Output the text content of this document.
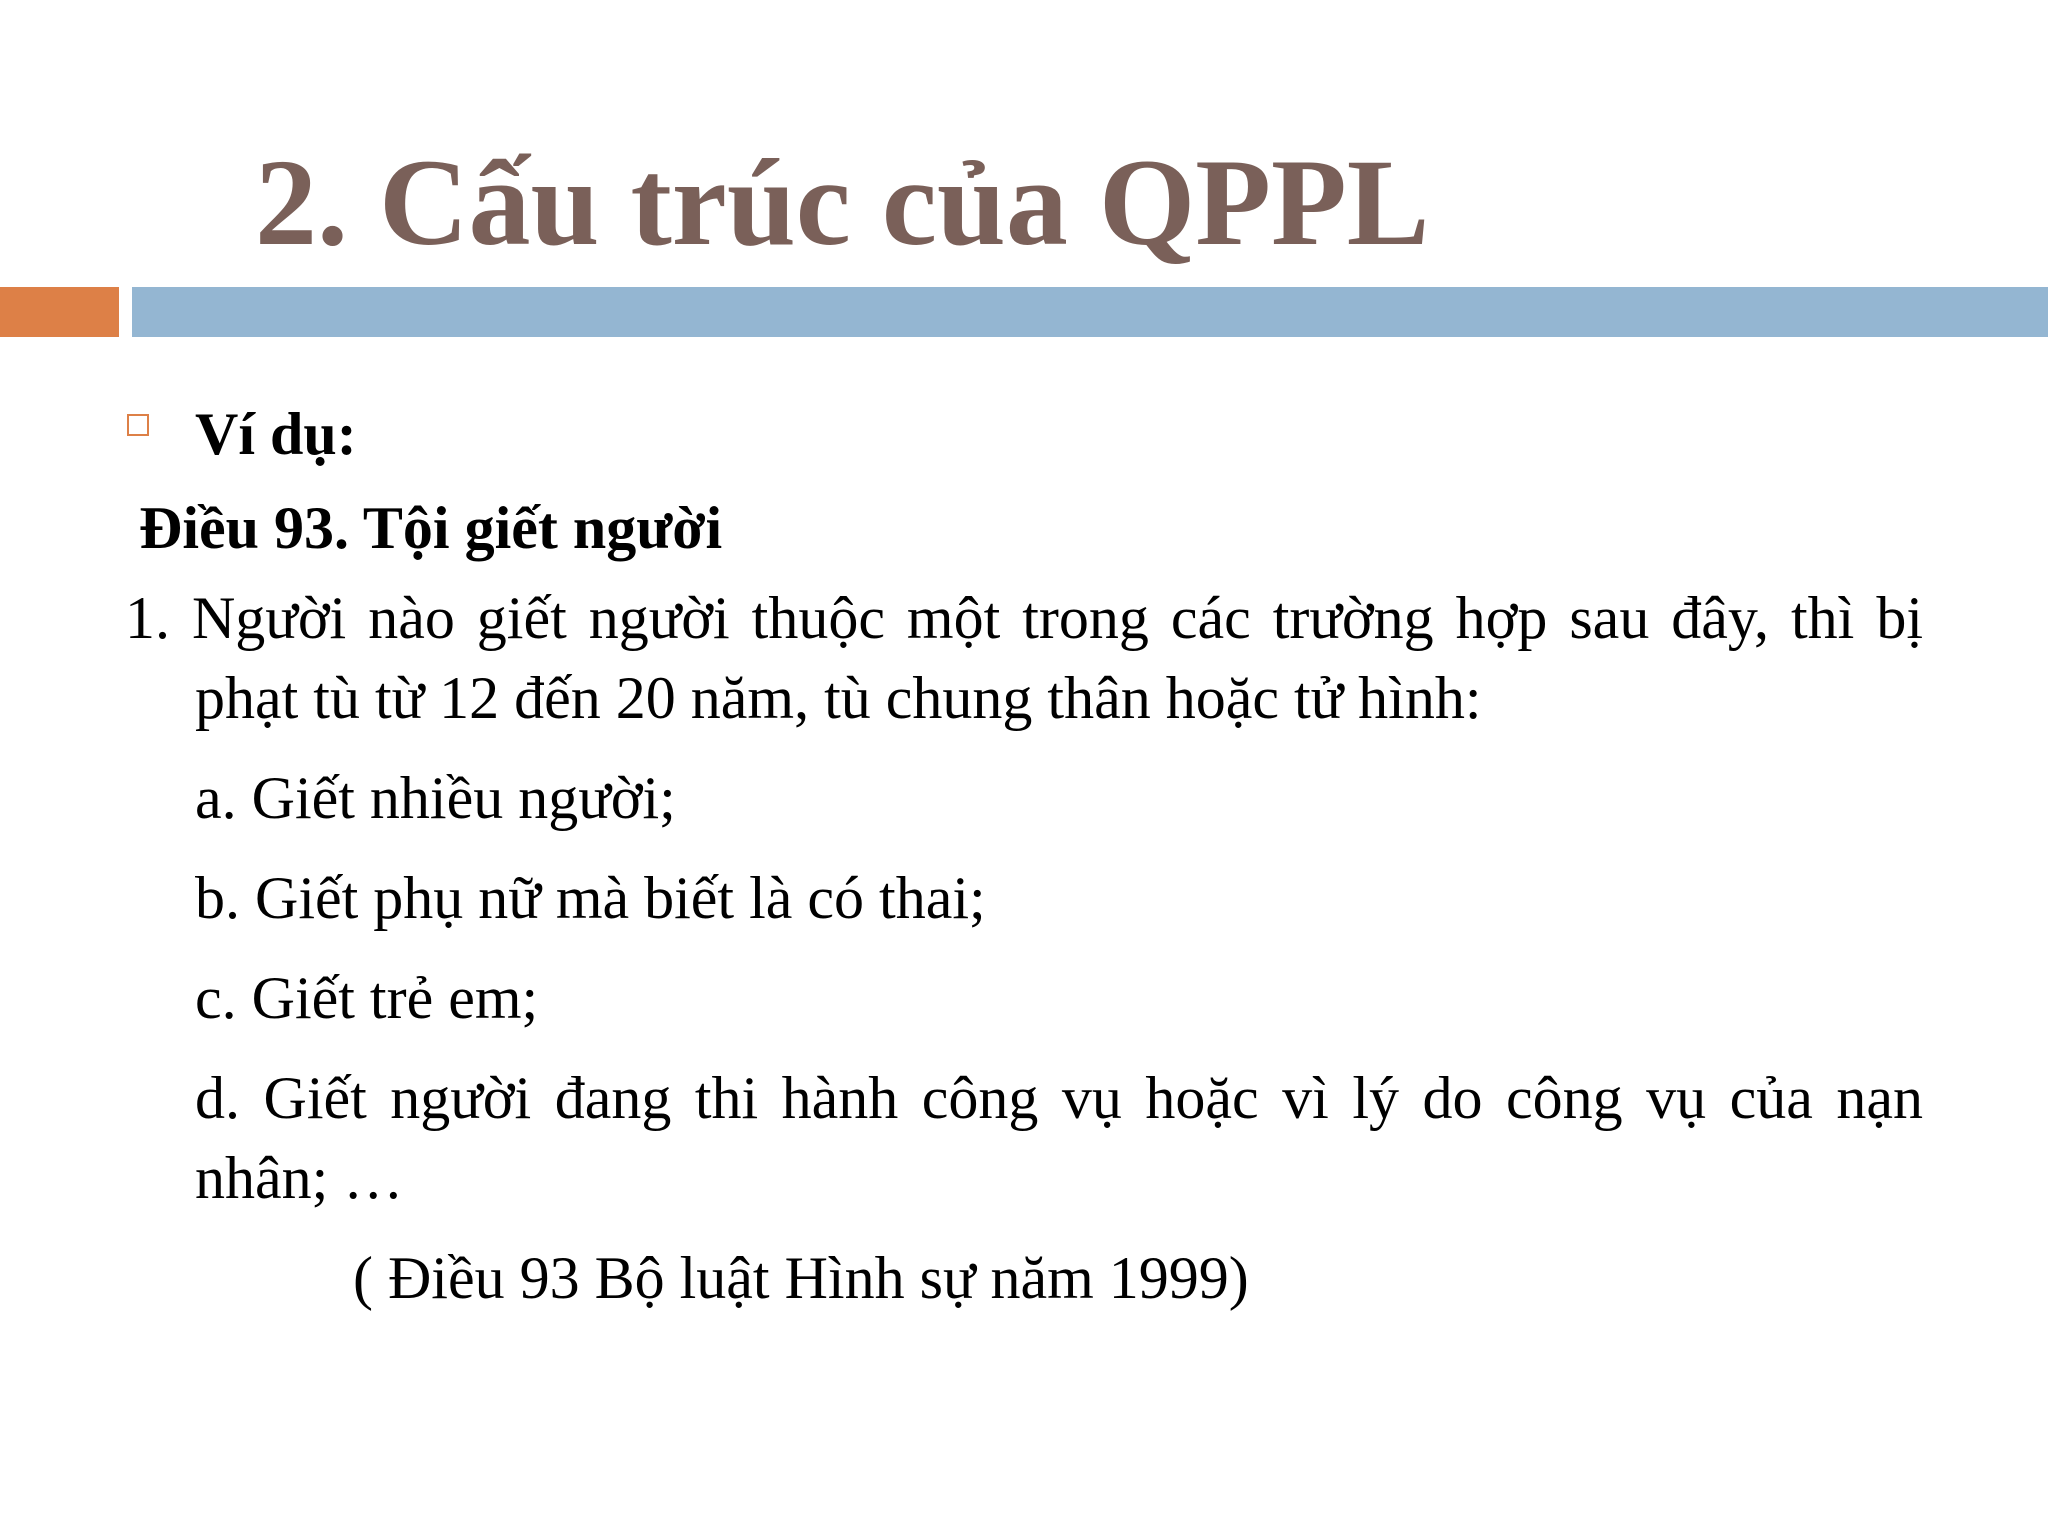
2. Cấu trúc của QPPL
Ví dụ:
Điều 93. Tội giết người
1. Người nào giết người thuộc một trong các trường hợp sau đây, thì bị phạt tù từ 12 đến 20 năm, tù chung thân hoặc tử hình:
a. Giết nhiều người;
b. Giết phụ nữ mà biết là có thai;
c. Giết trẻ em;
d. Giết người đang thi hành công vụ hoặc vì lý do công vụ của nạn nhân; …
( Điều 93 Bộ luật Hình sự năm 1999)
